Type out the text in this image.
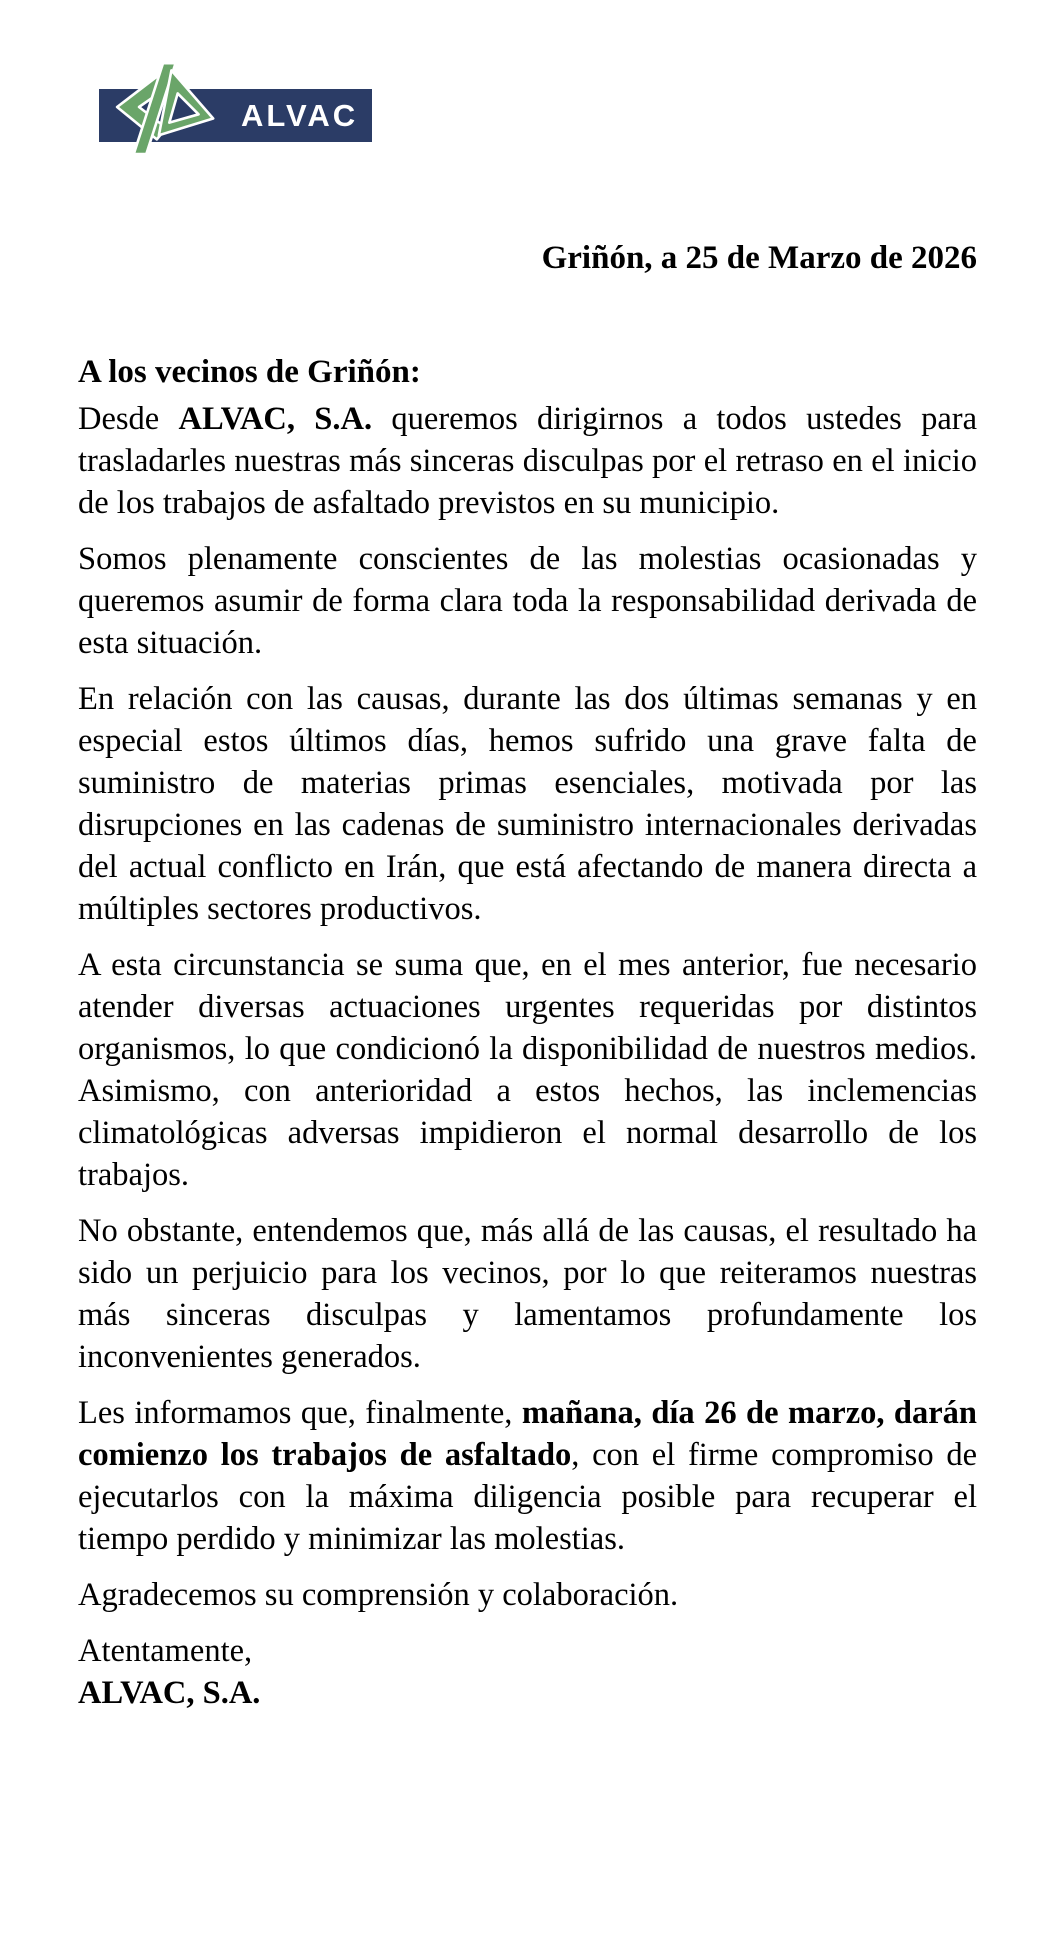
ALVAC
Griñón, a 25 de Marzo de 2026
A los vecinos de Griñón:

Desde ALVAC, S.A. queremos dirigirnos a todos ustedes para trasladarles nuestras más sinceras disculpas por el retraso en el inicio de los trabajos de asfaltado previstos en su municipio.

Somos plenamente conscientes de las molestias ocasionadas y queremos asumir de forma clara toda la responsabilidad derivada de esta situación.

En relación con las causas, durante las dos últimas semanas y en especial estos últimos días, hemos sufrido una grave falta de suministro de materias primas esenciales, motivada por las disrupciones en las cadenas de suministro internacionales derivadas del actual conflicto en Irán, que está afectando de manera directa a múltiples sectores productivos.

A esta circunstancia se suma que, en el mes anterior, fue necesario atender diversas actuaciones urgentes requeridas por distintos organismos, lo que condicionó la disponibilidad de nuestros medios. Asimismo, con anterioridad a estos hechos, las inclemencias climatológicas adversas impidieron el normal desarrollo de los trabajos.

No obstante, entendemos que, más allá de las causas, el resultado ha sido un perjuicio para los vecinos, por lo que reiteramos nuestras más sinceras disculpas y lamentamos profundamente los inconvenientes generados.

Les informamos que, finalmente, mañana, día 26 de marzo, darán comienzo los trabajos de asfaltado, con el firme compromiso de ejecutarlos con la máxima diligencia posible para recuperar el tiempo perdido y minimizar las molestias.

Agradecemos su comprensión y colaboración.

Atentamente,
ALVAC, S.A.
